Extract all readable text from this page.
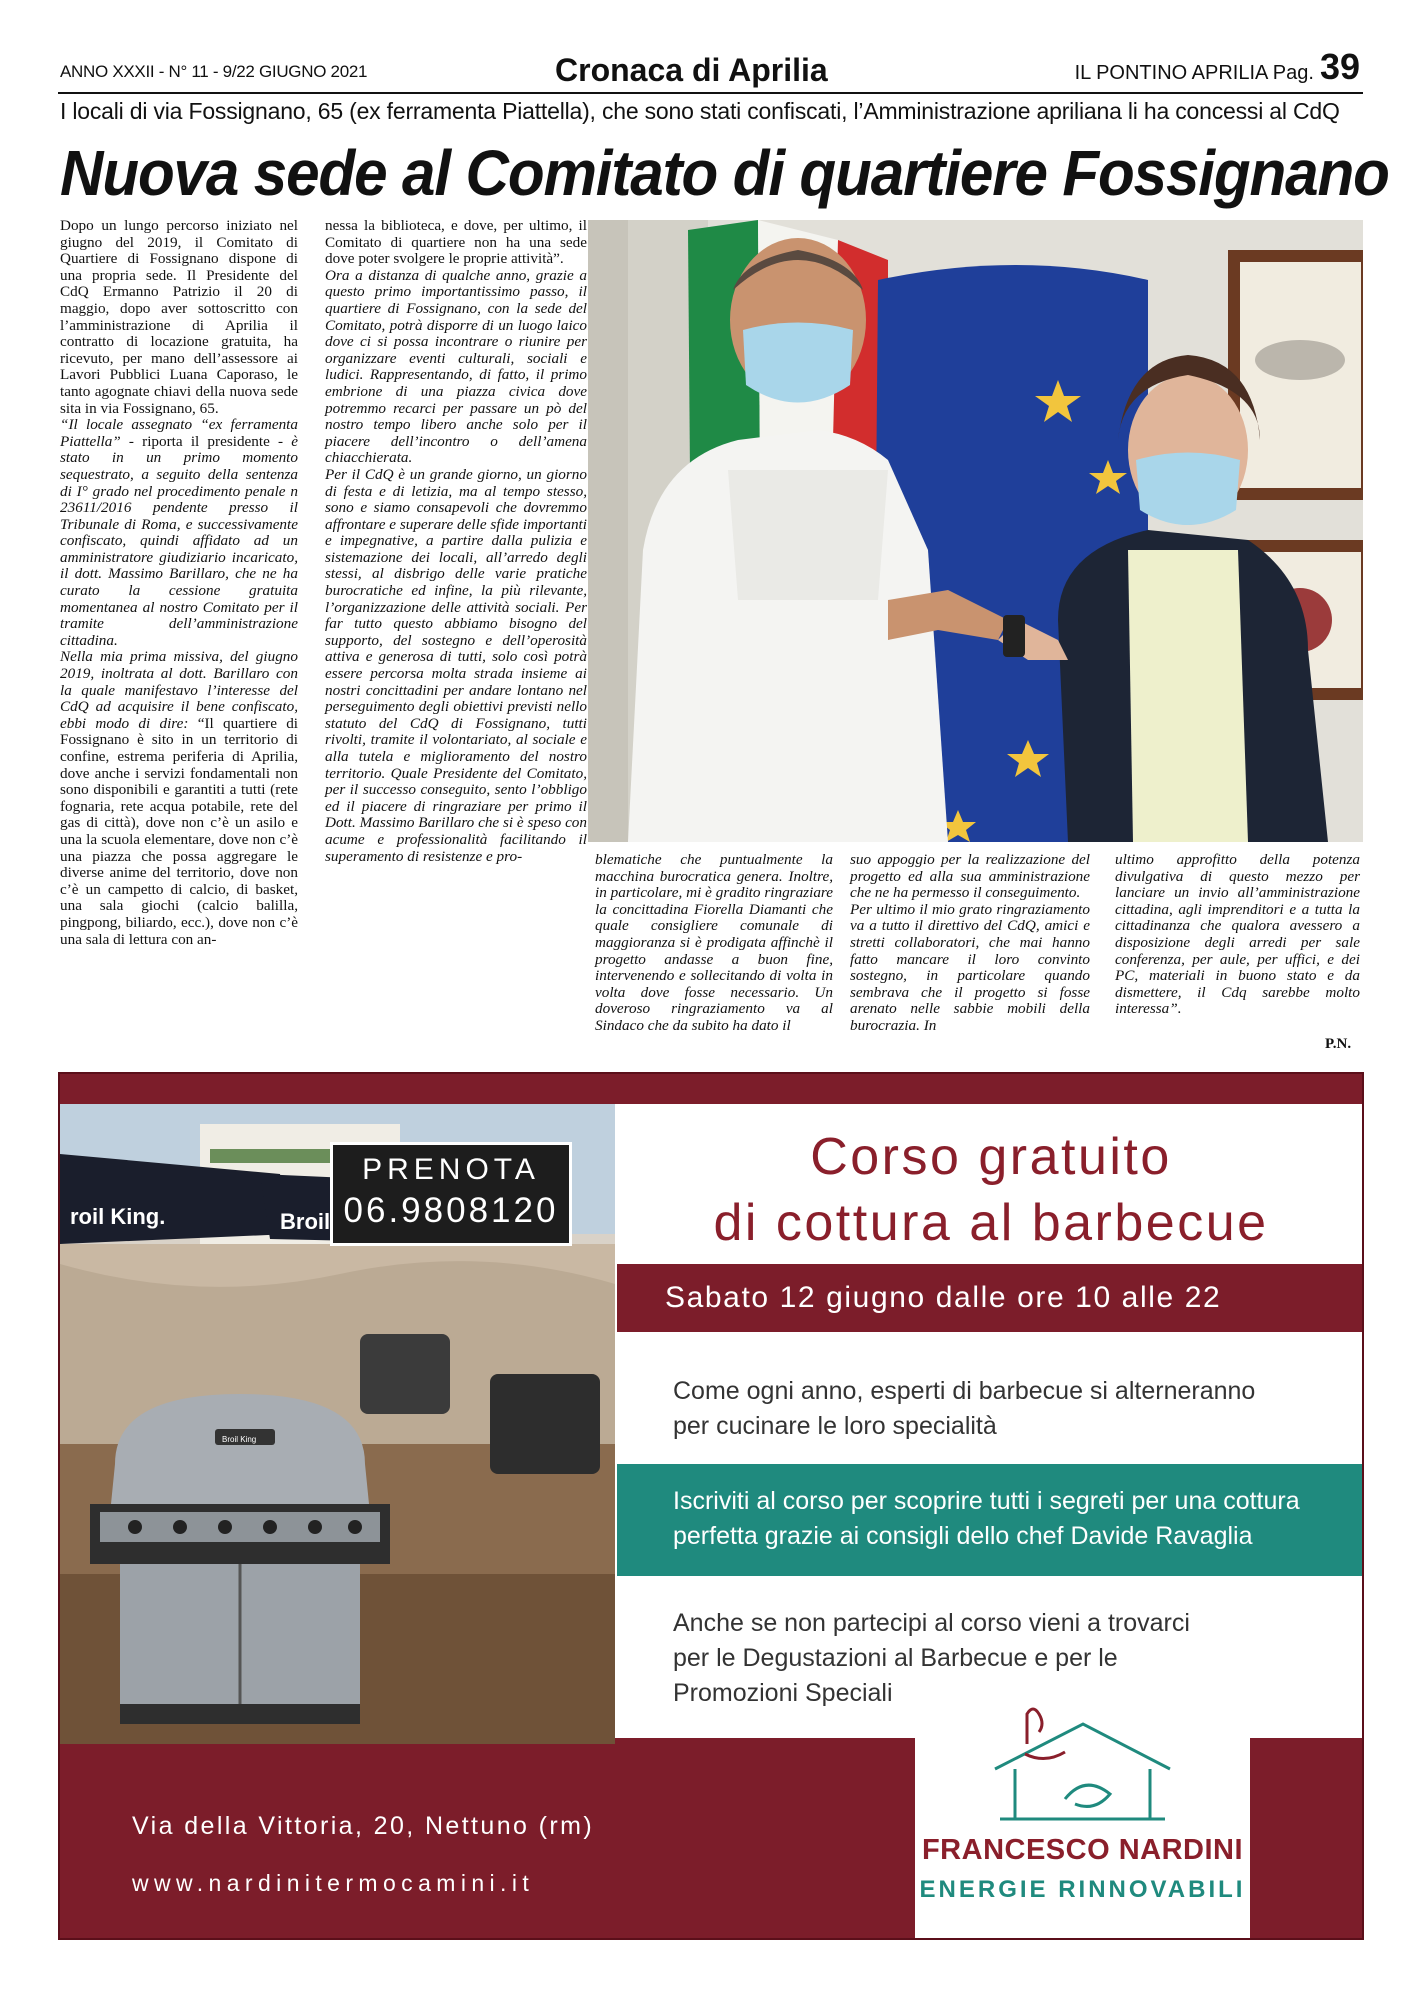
ANNO XXXII - N° 11 - 9/22 GIUGNO 2021	Cronaca di Aprilia	IL PONTINO APRILIA Pag. 39
I locali di via Fossignano, 65 (ex ferramenta Piattella), che sono stati confiscati, l’Amministrazione apriliana li ha concessi al CdQ
Nuova sede al Comitato di quartiere Fossignano

Dopo un lungo percorso iniziato nel giugno del 2019, il Comitato di Quartiere di Fossignano dispone di una propria sede. Il Presidente del CdQ Ermanno Patrizio il 20 di maggio, dopo aver sottoscritto con l’amministrazione di Aprilia il contratto di locazione gratuita, ha ricevuto, per mano dell’assessore ai Lavori Pubblici Luana Caporaso, le tanto agognate chiavi della nuova sede sita in via Fossignano, 65.

“Il locale assegnato “ex ferramenta Piattella” - riporta il presidente - è stato in un primo momento sequestrato, a seguito della sentenza di I° grado nel procedimento penale n 23611/2016 pendente presso il Tribunale di Roma, e successivamente confiscato, quindi affidato ad un amministratore giudiziario incaricato, il dott. Massimo Barillaro, che ne ha curato la cessione gratuita momentanea al nostro Comitato per il tramite dell’amministrazione cittadina.

Nella mia prima missiva, del giugno 2019, inoltrata al dott. Barillaro con la quale manifestavo l’interesse del CdQ ad acquisire il bene confiscato, ebbi modo di dire: “Il quartiere di Fossignano è sito in un territorio di confine, estrema periferia di Aprilia, dove anche i servizi fondamentali non sono disponibili e garantiti a tutti (rete fognaria, rete acqua potabile, rete del gas di città), dove non c’è un asilo e una la scuola elementare, dove non c’è una piazza che possa aggregare le diverse anime del territorio, dove non c’è un campetto di calcio, di basket, una sala giochi (calcio balilla, pingpong, biliardo, ecc.), dove non c’è una sala di lettura con an-

nessa la biblioteca, e dove, per ultimo, il Comitato di quartiere non ha una sede dove poter svolgere le proprie attività”.

Ora a distanza di qualche anno, grazie a questo primo importantissimo passo, il quartiere di Fossignano, con la sede del Comitato, potrà disporre di un luogo laico dove ci si possa incontrare o riunire per organizzare eventi culturali, sociali e ludici. Rappresentando, di fatto, il primo embrione di una piazza civica dove potremmo recarci per passare un pò del nostro tempo libero anche solo per il piacere dell’incontro o dell’amena chiacchierata.

Per il CdQ è un grande giorno, un giorno di festa e di letizia, ma al tempo stesso, sono e siamo consapevoli che dovremmo affrontare e superare delle sfide importanti e impegnative, a partire dalla pulizia e sistemazione dei locali, all’arredo degli stessi, al disbrigo delle varie pratiche burocratiche ed infine, la più rilevante, l’organizzazione delle attività sociali. Per far tutto questo abbiamo bisogno del supporto, del sostegno e dell’operosità attiva e generosa di tutti, solo così potrà essere percorsa molta strada insieme ai nostri concittadini per andare lontano nel perseguimento degli obiettivi previsti nello statuto del CdQ di Fossignano, tutti rivolti, tramite il volontariato, al sociale e alla tutela e miglioramento del nostro territorio. Quale Presidente del Comitato, per il successo conseguito, sento l’obbligo ed il piacere di ringraziare per primo il Dott. Massimo Barillaro che si è speso con acume e professionalità facilitando il superamento di resistenze e pro-	blematiche che puntualmente la macchina burocratica genera. Inoltre, in particolare, mi è gradito ringraziare la concittadina Fiorella Diamanti che quale consigliere comunale di maggioranza si è prodigata affinchè il progetto andasse a buon fine, intervenendo e sollecitando di volta in volta dove fosse necessario. Un doveroso ringraziamento va al Sindaco che da subito ha dato il

suo appoggio per la realizzazione del progetto ed alla sua amministrazione che ne ha permesso il conseguimento.

Per ultimo il mio grato ringraziamento va a tutto il direttivo del CdQ, amici e stretti collaboratori, che mai hanno fatto mancare il loro convinto sostegno, in particolare quando sembrava che il progetto si fosse arenato nelle sabbie mobili della burocrazia. In

ultimo approfitto della potenza divulgativa di questo mezzo per lanciare un invio all’amministrazione cittadina, agli imprenditori e a tutta la cittadinanza che qualora avessero a disposizione degli arredi per sale conferenza, per aule, per uffici, e dei PC, materiali in buono stato e da dismettere, il Cdq sarebbe molto interessa”.

P.N.
roil King.	Broil
Broil King
PRENOTA
06.9808120
Corso gratuito
di cottura al barbecue
Sabato 12 giugno dalle ore 10 alle 22
Come ogni anno, esperti di barbecue si alterneranno
per cucinare le loro specialità
Iscriviti al corso per scoprire tutti i segreti per una cottura
perfetta grazie ai consigli dello chef Davide Ravaglia
Anche se non partecipi al corso vieni a trovarci
per le Degustazioni al Barbecue e per le
Promozioni Speciali
Via della Vittoria, 20, Nettuno (rm)
www.nardinitermocamini.it
FRANCESCO NARDINI
ENERGIE RINNOVABILI
